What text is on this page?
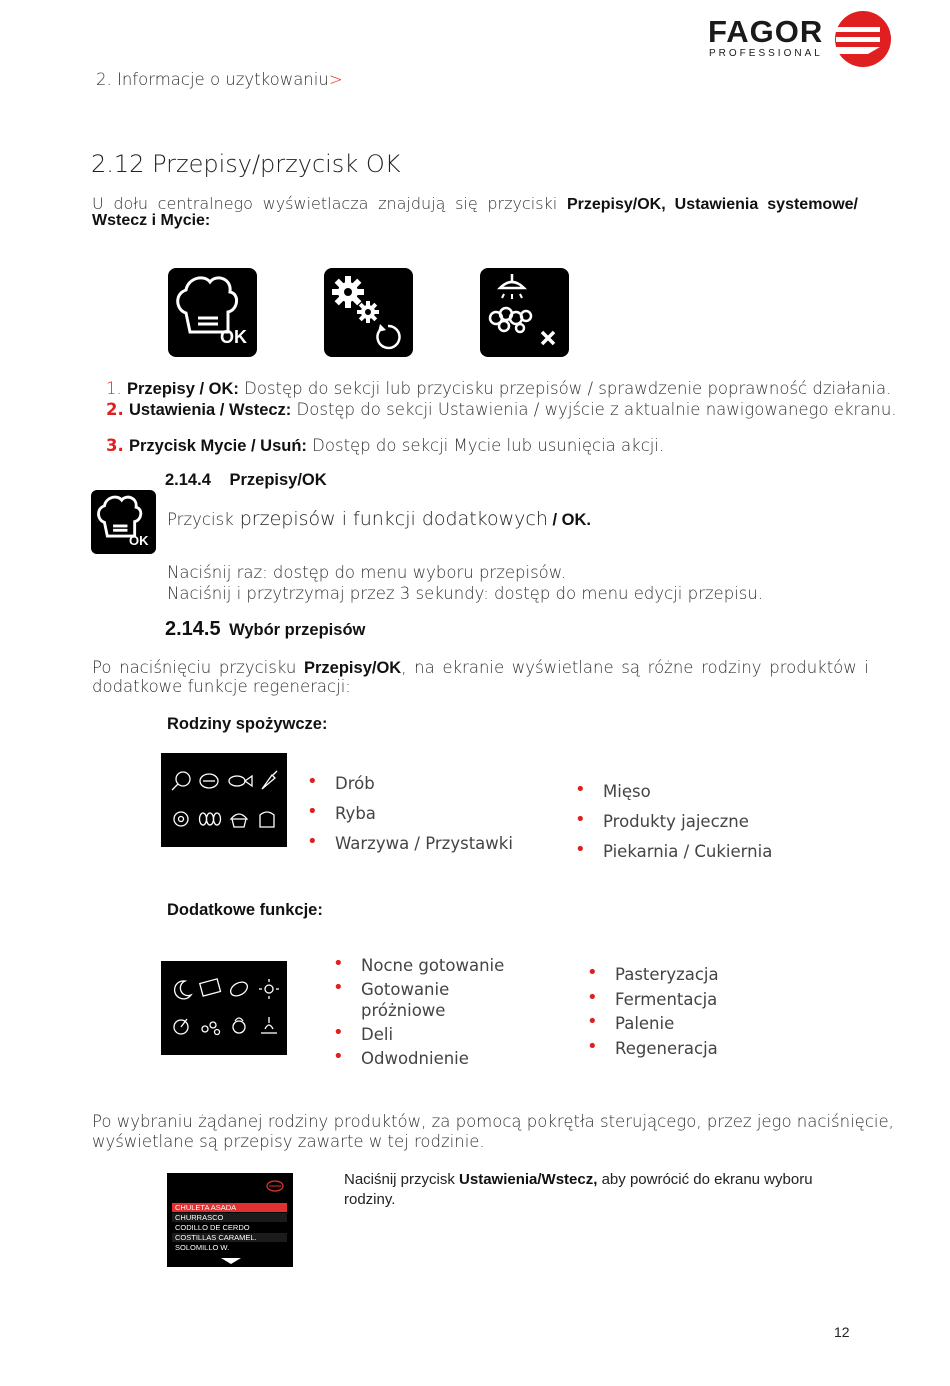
FAGOR
PROFESSIONAL
2. Informacje o uzytkowaniu>
2.12 Przepisy/przycisk OK
U dołu centralnego wyświetlacza znajdują się przyciski Przepisy/OK, Ustawienia systemowe/
Wstecz i Mycie:
OK
1. Przepisy / OK: Dostęp do sekcji lub przycisku przepisów / sprawdzenie poprawność działania.
2. Ustawienia / Wstecz: Dostęp do sekcji Ustawienia / wyjście z aktualnie nawigowanego ekranu.
3. Przycisk Mycie / Usuń: Dostęp do sekcji Mycie lub usunięcia akcji.
2.14.4 Przepisy/OK
OK
Przycisk przepisów i funkcji dodatkowych / OK.
Naciśnij raz: dostęp do menu wyboru przepisów.
Naciśnij i przytrzymaj przez 3 sekundy: dostęp do menu edycji przepisu.
2.14.5 Wybór przepisów
Po naciśnięciu przycisku Przepisy/OK, na ekranie wyświetlane są różne rodziny produktów i
dodatkowe funkcje regeneracji:
Rodziny spożywcze:
• Drób
• Ryba
• Warzywa / Przystawki
• Mięso
• Produkty jajeczne
• Piekarnia / Cukiernia
Dodatkowe funkcje:
• Nocne gotowanie
• Gotowanie próżniowe
• Deli
• Odwodnienie
• Pasteryzacja
• Fermentacja
• Palenie
• Regeneracja
Po wybraniu żądanej rodziny produktów, za pomocą pokrętła sterującego, przez jego naciśnięcie,
wyświetlane są przepisy zawarte w tej rodzinie.
CHULETA ASADA
CHURRASCO
CODILLO DE CERDO
COSTILLAS CARAMEL.
SOLOMILLO W.
Naciśnij przycisk Ustawienia/Wstecz, aby powrócić do ekranu wyboru
rodziny.
12
